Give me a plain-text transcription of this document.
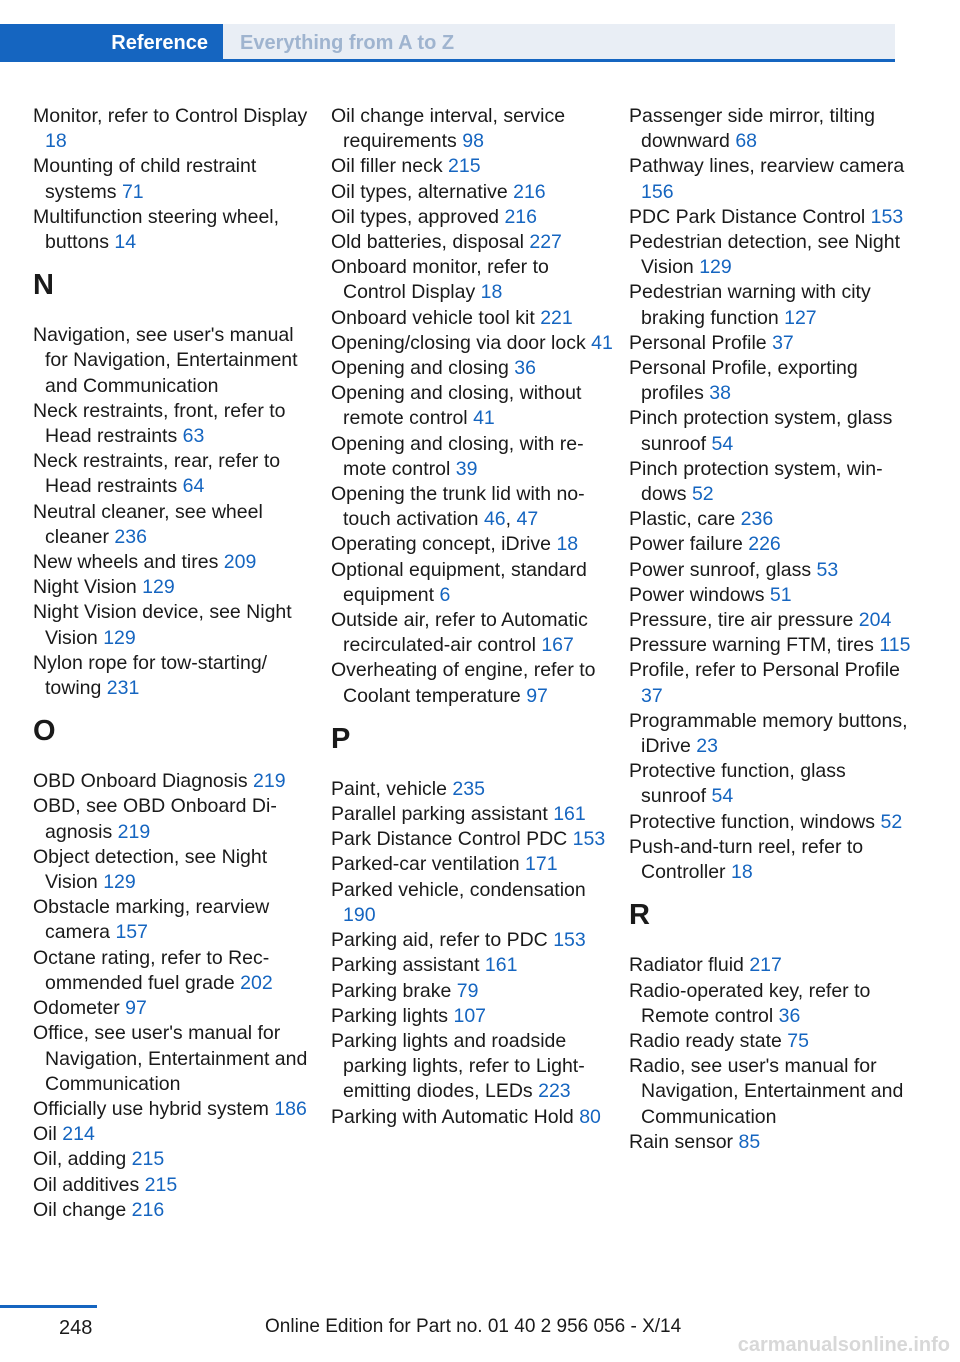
Reference	Everything from A to Z
Monitor, refer to Control Display 18
Mounting of child restraint systems 71
Multifunction steering wheel, buttons 14
N
Navigation, see user's manual for Navigation, Entertainment and Communication
Neck restraints, front, refer to Head restraints 63
Neck restraints, rear, refer to Head restraints 64
Neutral cleaner, see wheel cleaner 236
New wheels and tires 209
Night Vision 129
Night Vision device, see Night Vision 129
Nylon rope for tow-starting/ towing 231
O
OBD Onboard Diagnosis 219
OBD, see OBD Onboard Diagnosis 219
Object detection, see Night Vision 129
Obstacle marking, rearview camera 157
Octane rating, refer to Recommended fuel grade 202
Odometer 97
Office, see user's manual for Navigation, Entertainment and Communication
Officially use hybrid system 186
Oil 214
Oil, adding 215
Oil additives 215
Oil change 216
Oil change interval, service requirements 98
Oil filler neck 215
Oil types, alternative 216
Oil types, approved 216
Old batteries, disposal 227
Onboard monitor, refer to Control Display 18
Onboard vehicle tool kit 221
Opening/closing via door lock 41
Opening and closing 36
Opening and closing, without remote control 41
Opening and closing, with remote control 39
Opening the trunk lid with no-touch activation 46, 47
Operating concept, iDrive 18
Optional equipment, standard equipment 6
Outside air, refer to Automatic recirculated-air control 167
Overheating of engine, refer to Coolant temperature 97
P
Paint, vehicle 235
Parallel parking assistant 161
Park Distance Control PDC 153
Parked-car ventilation 171
Parked vehicle, condensation 190
Parking aid, refer to PDC 153
Parking assistant 161
Parking brake 79
Parking lights 107
Parking lights and roadside parking lights, refer to Light-emitting diodes, LEDs 223
Parking with Automatic Hold 80
Passenger side mirror, tilting downward 68
Pathway lines, rearview camera 156
PDC Park Distance Control 153
Pedestrian detection, see Night Vision 129
Pedestrian warning with city braking function 127
Personal Profile 37
Personal Profile, exporting profiles 38
Pinch protection system, glass sunroof 54
Pinch protection system, windows 52
Plastic, care 236
Power failure 226
Power sunroof, glass 53
Power windows 51
Pressure, tire air pressure 204
Pressure warning FTM, tires 115
Profile, refer to Personal Profile 37
Programmable memory buttons, iDrive 23
Protective function, glass sunroof 54
Protective function, windows 52
Push-and-turn reel, refer to Controller 18
R
Radiator fluid 217
Radio-operated key, refer to Remote control 36
Radio ready state 75
Radio, see user's manual for Navigation, Entertainment and Communication
Rain sensor 85
248	Online Edition for Part no. 01 40 2 956 056 - X/14
carmanualsonline.info
